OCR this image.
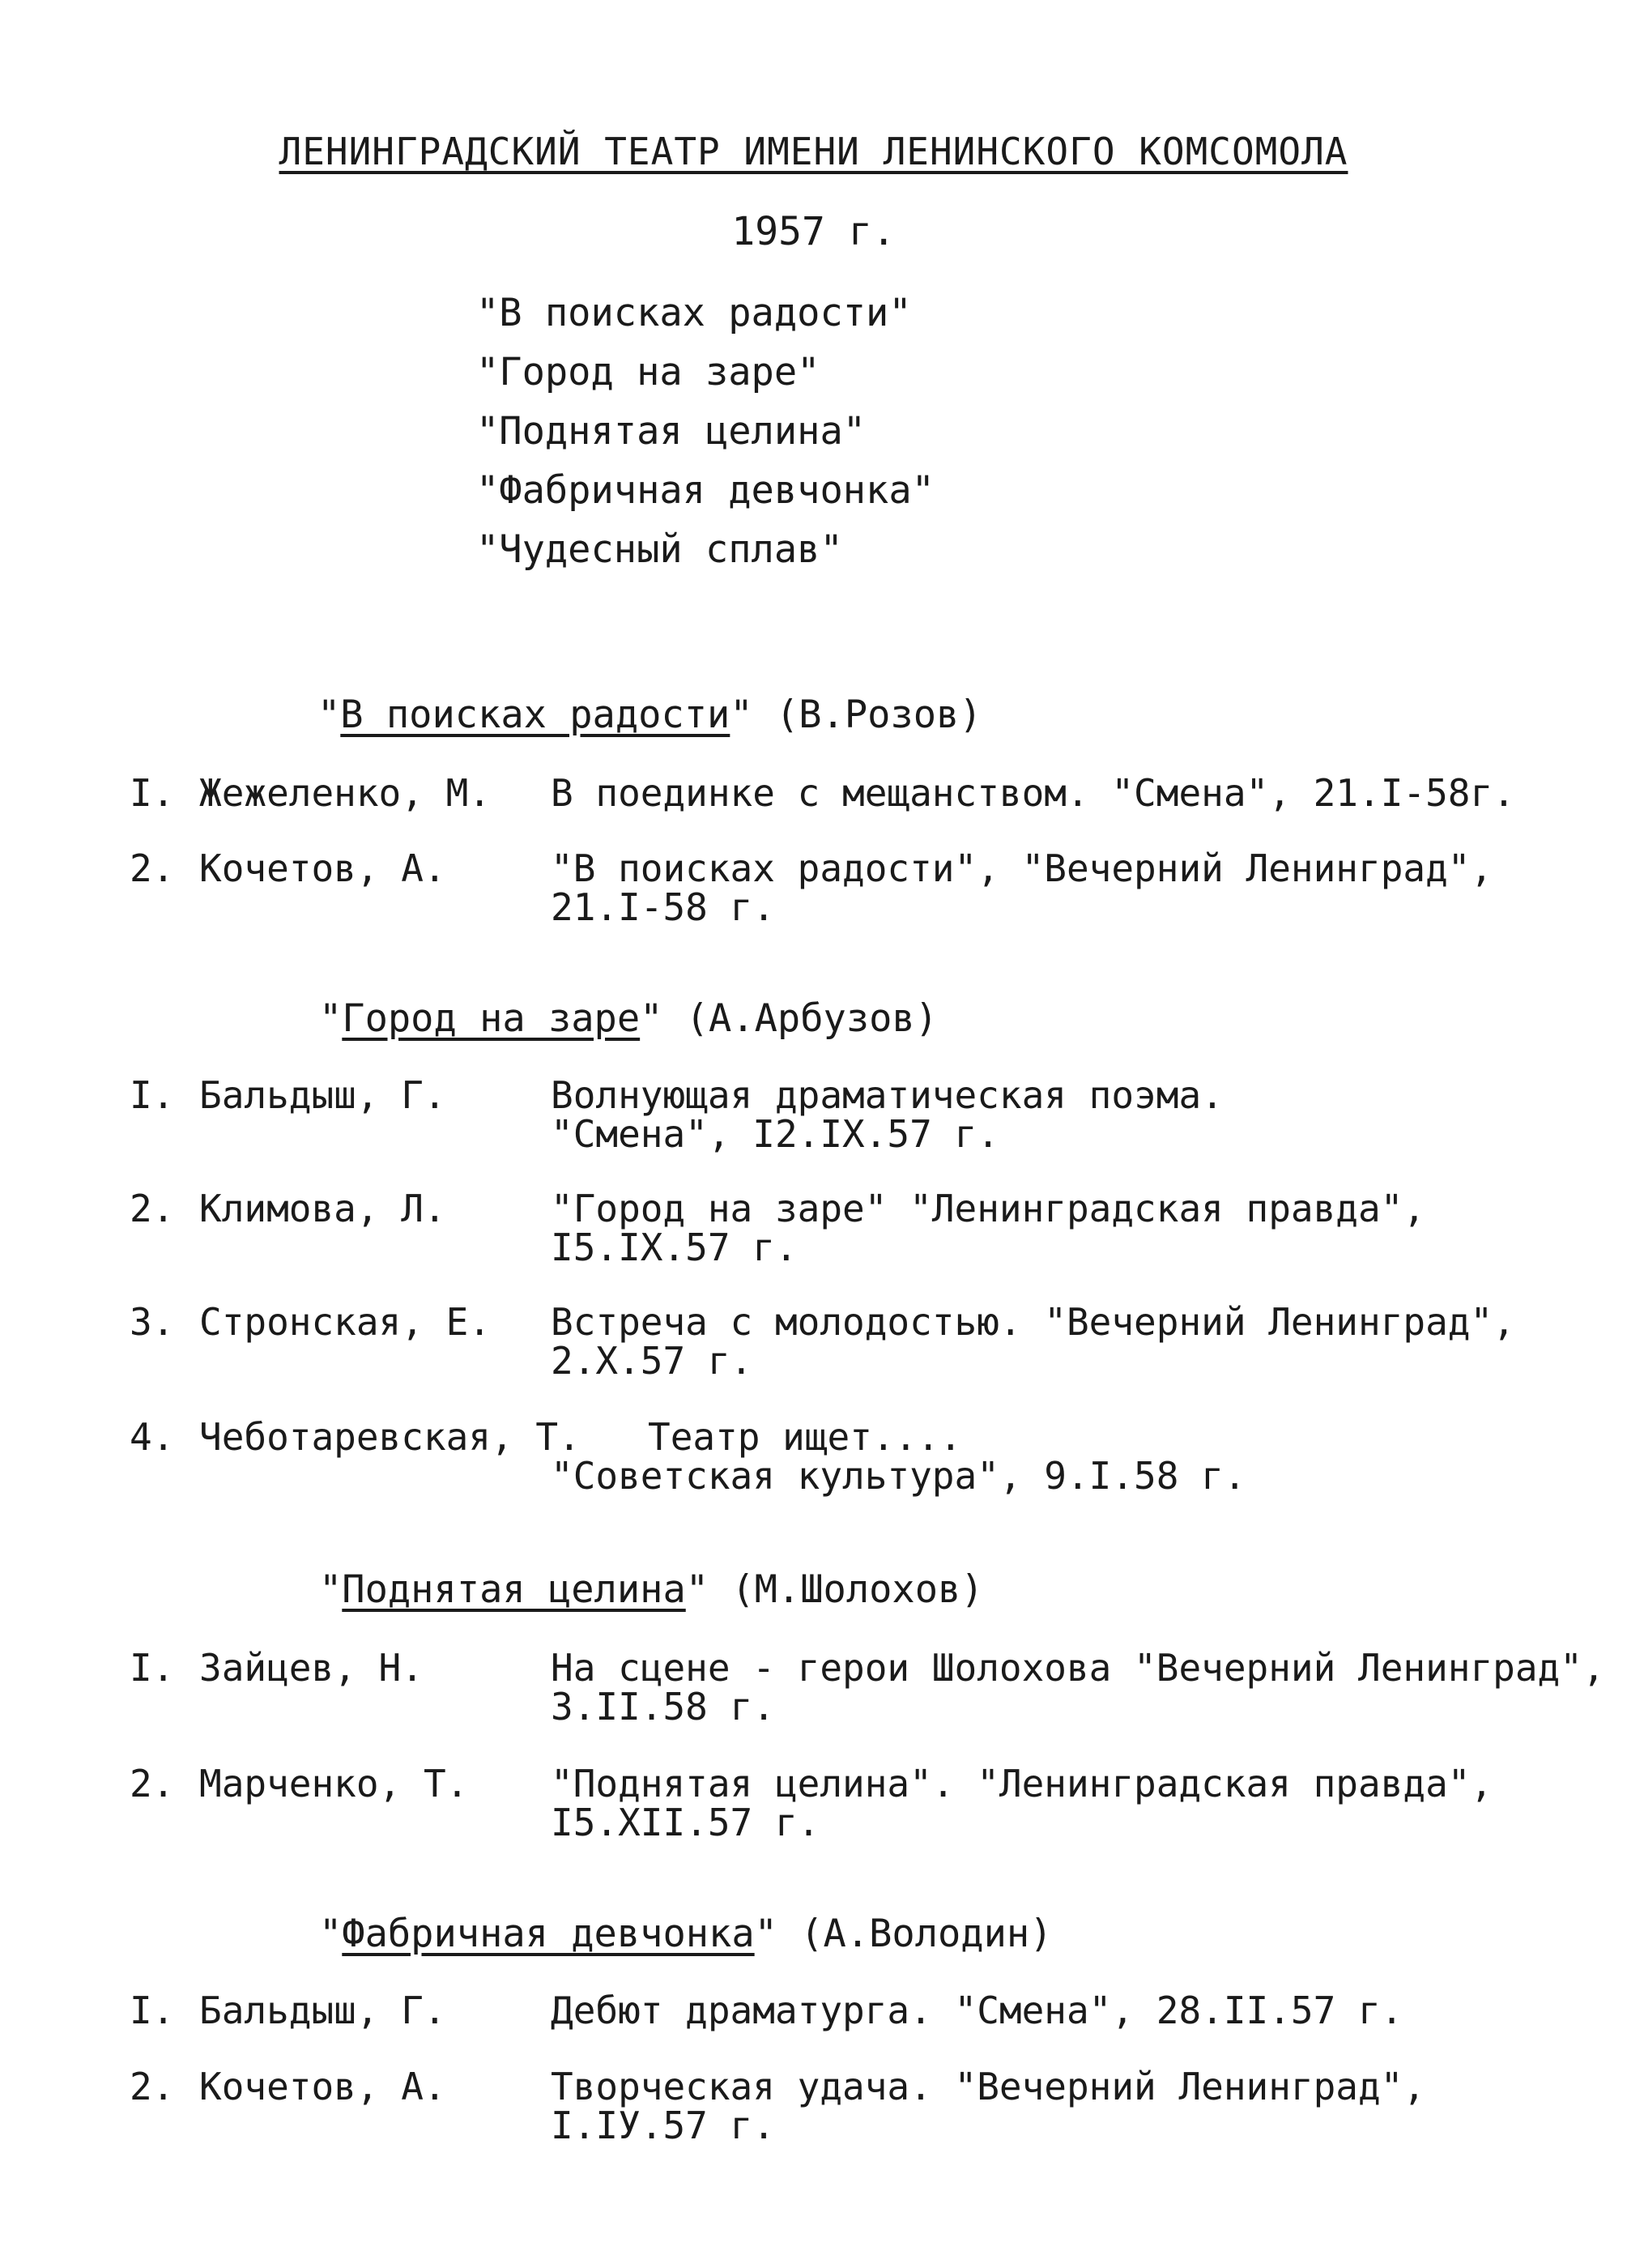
ЛЕНИНГРАДСКИЙ ТЕАТР ИМЕНИ ЛЕНИНСКОГО КОМСОМОЛА
1957 г.
"В поисках радости"
"Город на заре"
"Поднятая целина"
"Фабричная девчонка"
"Чудесный сплав"
"В поисках радости" (В.Розов)
I. Жежеленко, М. В поединке с мещанством. "Смена", 21.I-58г.
2. Кочетов, А.	"В поисках радости", "Вечерний Ленинград",
21.I-58 г.
"Город на заре" (А.Арбузов)
I. Бальдыш, Г.	Волнующая драматическая поэма.
"Смена", I2.IX.57 г.
2. Климова, Л.	"Город на заре" "Ленинградская правда",
I5.IX.57 г.
3. Стронская, Е. Встреча с молодостью. "Вечерний Ленинград",
2.X.57 г.
4. Чеботаревская, Т. Театр ищет....
"Советская культура", 9.I.58 г.
"Поднятая целина" (М.Шолохов)
I. Зайцев, Н.	На сцене - герои Шолохова "Вечерний Ленинград",
3.II.58 г.
2. Марченко, Т. "Поднятая целина". "Ленинградская правда",
I5.XII.57 г.
"Фабричная девчонка" (А.Володин)
I. Бальдыш, Г.	Дебют драматурга. "Смена", 28.II.57 г.
2. Кочетов, А.	Творческая удача. "Вечерний Ленинград",
I.IУ.57 г.
